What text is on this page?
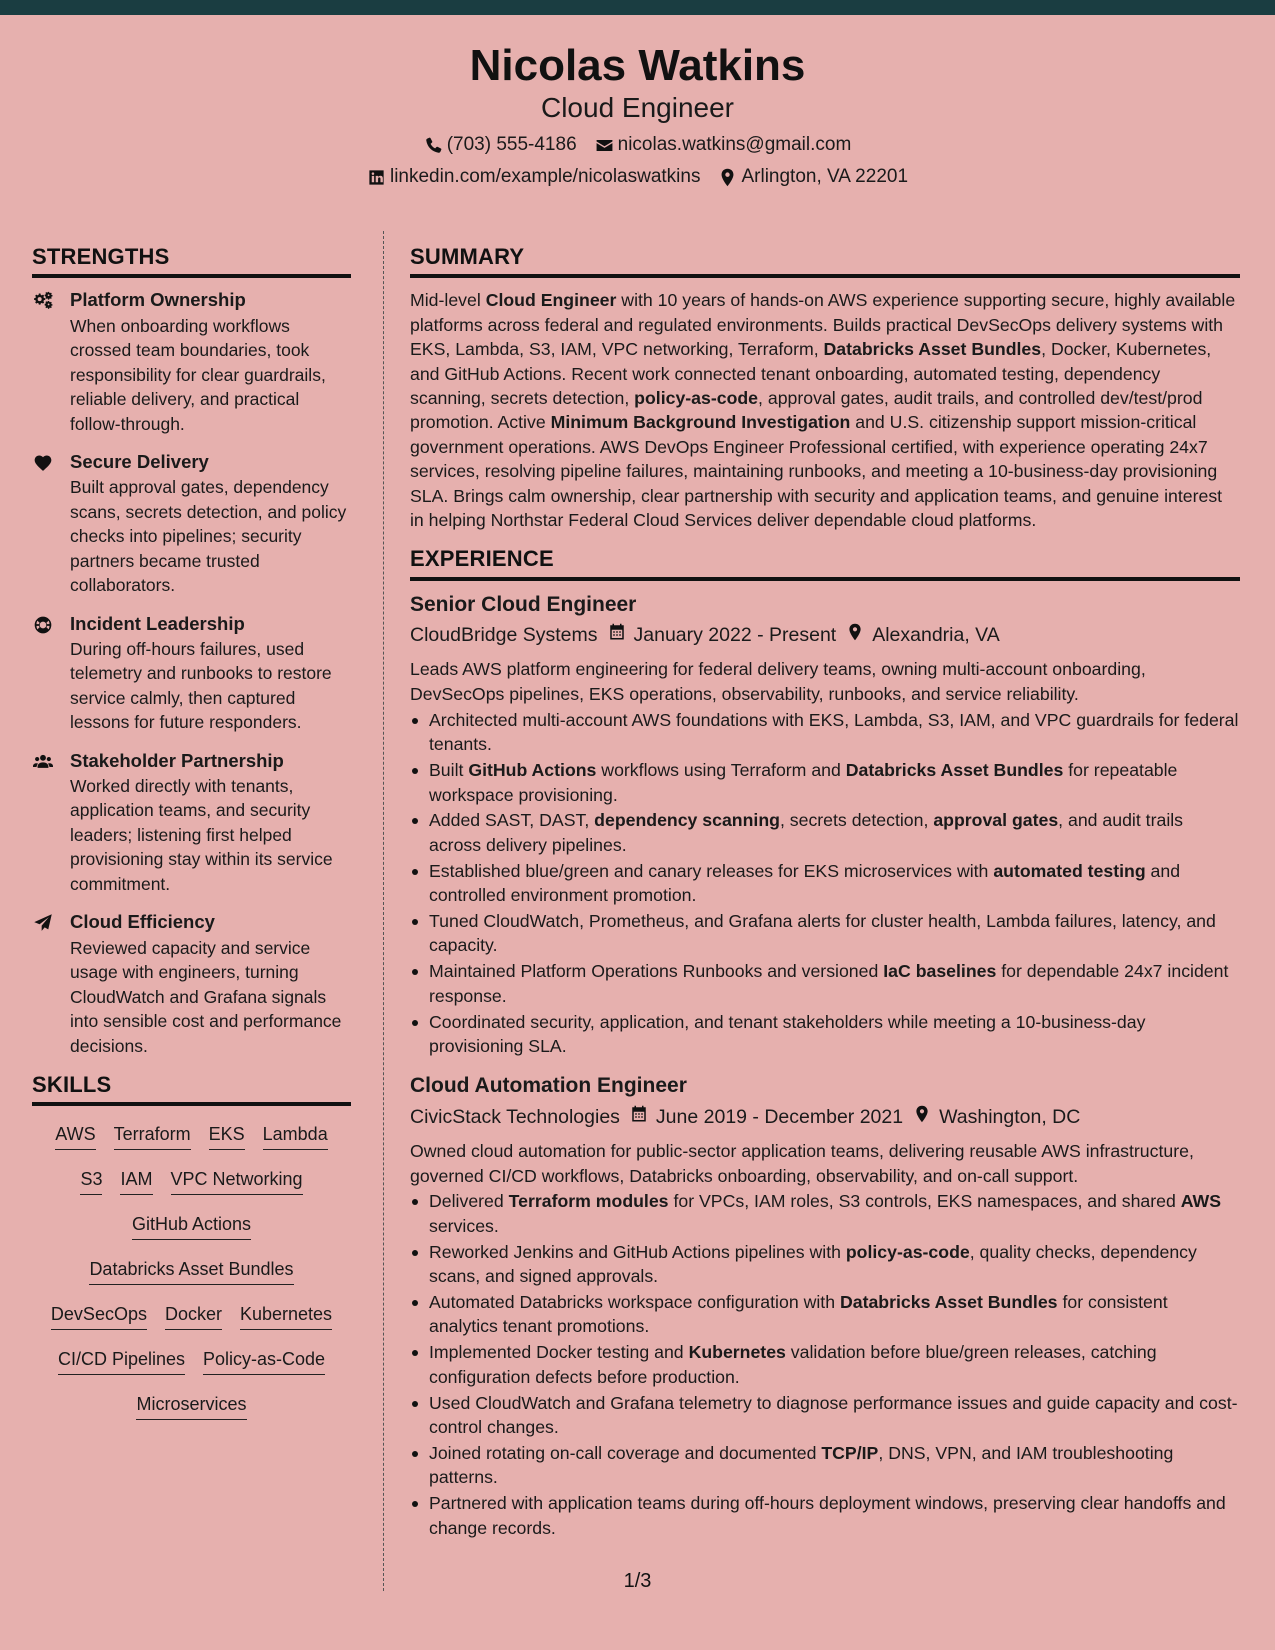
Nicolas Watkins
Cloud Engineer
(703) 555-4186 nicolas.watkins@gmail.com
linkedin.com/example/nicolaswatkins Arlington, VA 22201
STRENGTHS
Platform Ownership
When onboarding workflows crossed team boundaries, took responsibility for clear guardrails, reliable delivery, and practical follow-through.
Secure Delivery
Built approval gates, dependency scans, secrets detection, and policy checks into pipelines; security partners became trusted collaborators.
Incident Leadership
During off-hours failures, used telemetry and runbooks to restore service calmly, then captured lessons for future responders.
Stakeholder Partnership
Worked directly with tenants, application teams, and security leaders; listening first helped provisioning stay within its service commitment.
Cloud Efficiency
Reviewed capacity and service usage with engineers, turning CloudWatch and Grafana signals into sensible cost and performance decisions.
SKILLS
AWS Terraform EKS Lambda
S3 IAM VPC Networking
GitHub Actions
Databricks Asset Bundles
DevSecOps Docker Kubernetes
CI/CD Pipelines Policy-as-Code
Microservices
SUMMARY
Mid-level Cloud Engineer with 10 years of hands-on AWS experience supporting secure, highly available platforms across federal and regulated environments. Builds practical DevSecOps delivery systems with EKS, Lambda, S3, IAM, VPC networking, Terraform, Databricks Asset Bundles, Docker, Kubernetes, and GitHub Actions. Recent work connected tenant onboarding, automated testing, dependency scanning, secrets detection, policy-as-code, approval gates, audit trails, and controlled dev/test/prod promotion. Active Minimum Background Investigation and U.S. citizenship support mission-critical government operations. AWS DevOps Engineer Professional certified, with experience operating 24x7 services, resolving pipeline failures, maintaining runbooks, and meeting a 10-business-day provisioning SLA. Brings calm ownership, clear partnership with security and application teams, and genuine interest in helping Northstar Federal Cloud Services deliver dependable cloud platforms.
EXPERIENCE
Senior Cloud Engineer
CloudBridge Systems January 2022 - Present Alexandria, VA
Leads AWS platform engineering for federal delivery teams, owning multi-account onboarding, DevSecOps pipelines, EKS operations, observability, runbooks, and service reliability.
Architected multi-account AWS foundations with EKS, Lambda, S3, IAM, and VPC guardrails for federal tenants.
Built GitHub Actions workflows using Terraform and Databricks Asset Bundles for repeatable workspace provisioning.
Added SAST, DAST, dependency scanning, secrets detection, approval gates, and audit trails across delivery pipelines.
Established blue/green and canary releases for EKS microservices with automated testing and controlled environment promotion.
Tuned CloudWatch, Prometheus, and Grafana alerts for cluster health, Lambda failures, latency, and capacity.
Maintained Platform Operations Runbooks and versioned IaC baselines for dependable 24x7 incident response.
Coordinated security, application, and tenant stakeholders while meeting a 10-business-day provisioning SLA.
Cloud Automation Engineer
CivicStack Technologies June 2019 - December 2021 Washington, DC
Owned cloud automation for public-sector application teams, delivering reusable AWS infrastructure, governed CI/CD workflows, Databricks onboarding, observability, and on-call support.
Delivered Terraform modules for VPCs, IAM roles, S3 controls, EKS namespaces, and shared AWS services.
Reworked Jenkins and GitHub Actions pipelines with policy-as-code, quality checks, dependency scans, and signed approvals.
Automated Databricks workspace configuration with Databricks Asset Bundles for consistent analytics tenant promotions.
Implemented Docker testing and Kubernetes validation before blue/green releases, catching configuration defects before production.
Used CloudWatch and Grafana telemetry to diagnose performance issues and guide capacity and cost-control changes.
Joined rotating on-call coverage and documented TCP/IP, DNS, VPN, and IAM troubleshooting patterns.
Partnered with application teams during off-hours deployment windows, preserving clear handoffs and change records.
1/3
